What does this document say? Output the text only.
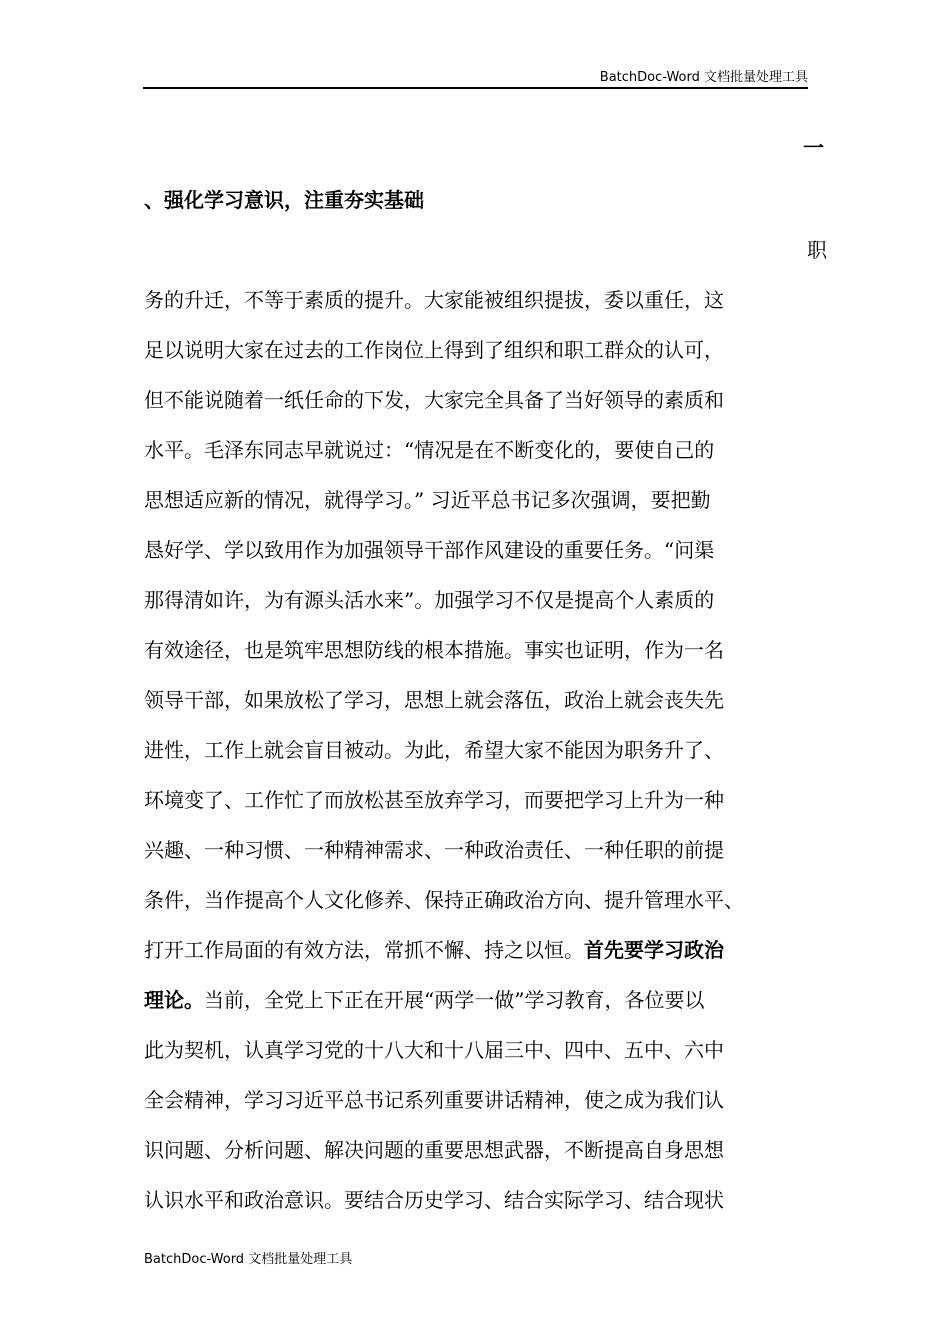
BatchDoc-Word 文档批量处理工具
一
、强化学习意识，注重夯实基础
职
务的升迁，不等于素质的提升。大家能被组织提拔，委以重任，这
足以说明大家在过去的工作岗位上得到了组织和职工群众的认可，
但不能说随着一纸任命的下发，大家完全具备了当好领导的素质和
水平。毛泽东同志早就说过：“情况是在不断变化的，要使自己的
思想适应新的情况，就得学习。” 习近平总书记多次强调，要把勤
恳好学、学以致用作为加强领导干部作风建设的重要任务。“问渠
那得清如许，为有源头活水来”。加强学习不仅是提高个人素质的
有效途径，也是筑牢思想防线的根本措施。事实也证明，作为一名
领导干部，如果放松了学习，思想上就会落伍，政治上就会丧失先
进性，工作上就会盲目被动。为此，希望大家不能因为职务升了、
环境变了、工作忙了而放松甚至放弃学习，而要把学习上升为一种
兴趣、一种习惯、一种精神需求、一种政治责任、一种任职的前提
条件，当作提高个人文化修养、保持正确政治方向、提升管理水平、
打开工作局面的有效方法，常抓不懈、持之以恒。首先要学习政治
理论。当前，全党上下正在开展“两学一做”学习教育，各位要以
此为契机，认真学习党的十八大和十八届三中、四中、五中、六中
全会精神，学习习近平总书记系列重要讲话精神，使之成为我们认
识问题、分析问题、解决问题的重要思想武器，不断提高自身思想
认识水平和政治意识。要结合历史学习、结合实际学习、结合现状
BatchDoc-Word 文档批量处理工具
